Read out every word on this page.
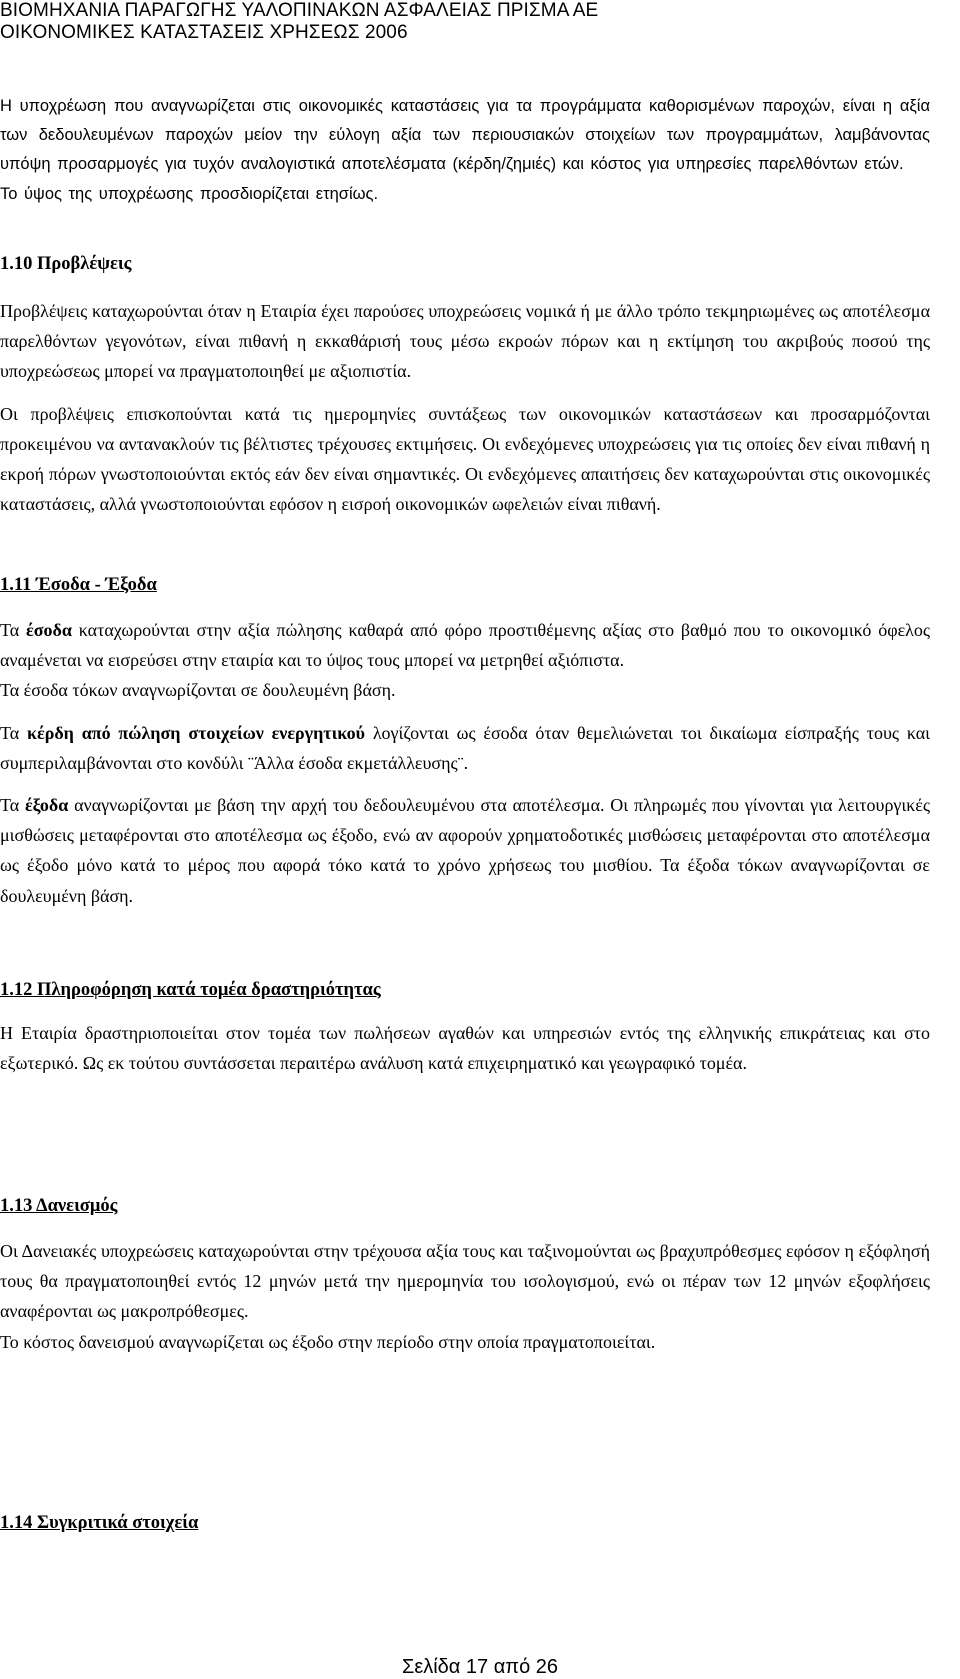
ΒΙΟΜΗΧΑΝΙΑ ΠΑΡΑΓΩΓΗΣ ΥΑΛΟΠΙΝΑΚΩΝ ΑΣΦΑΛΕΙΑΣ ΠΡΙΣΜΑ ΑΕ
ΟΙΚΟΝΟΜΙΚΕΣ ΚΑΤΑΣΤΑΣΕΙΣ ΧΡΗΣΕΩΣ 2006

Η υποχρέωση που αναγνωρίζεται στις οικονομικές καταστάσεις για τα προγράμματα καθορισμένων παροχών, είναι η αξία των δεδουλευμένων παροχών μείον την εύλογη αξία των περιουσιακών στοιχείων των προγραμμάτων, λαμβάνοντας υπόψη προσαρμογές για τυχόν αναλογιστικά αποτελέσματα (κέρδη/ζημιές) και κόστος για υπηρεσίες παρελθόντων ετών.

Το ύψος της υποχρέωσης προσδιορίζεται ετησίως.

1.10 Προβλέψεις

Προβλέψεις καταχωρούνται όταν η Εταιρία έχει παρούσες υποχρεώσεις νομικά ή με άλλο τρόπο τεκμηριωμένες ως αποτέλεσμα παρελθόντων γεγονότων, είναι πιθανή η εκκαθάρισή τους μέσω εκροών πόρων και η εκτίμηση του ακριβούς ποσού της υποχρεώσεως μπορεί να πραγματοποιηθεί με αξιοπιστία.

Οι προβλέψεις επισκοπούνται κατά τις ημερομηνίες συντάξεως των οικονομικών καταστάσεων και προσαρμόζονται προκειμένου να αντανακλούν τις βέλτιστες τρέχουσες εκτιμήσεις. Οι ενδεχόμενες υποχρεώσεις για τις οποίες δεν είναι πιθανή η εκροή πόρων γνωστοποιούνται εκτός εάν δεν είναι σημαντικές. Οι ενδεχόμενες απαιτήσεις δεν καταχωρούνται στις οικονομικές καταστάσεις, αλλά γνωστοποιούνται εφόσον η εισροή οικονομικών ωφελειών είναι πιθανή.

1.11 Έσοδα - Έξοδα

Τα έσοδα καταχωρούνται στην αξία πώλησης καθαρά από φόρο προστιθέμενης αξίας στο βαθμό που το οικονομικό όφελος αναμένεται να εισρεύσει στην εταιρία και το ύψος τους μπορεί να μετρηθεί αξιόπιστα.

Τα έσοδα τόκων αναγνωρίζονται σε δουλευμένη βάση.

Τα κέρδη από πώληση στοιχείων ενεργητικού λογίζονται ως έσοδα όταν θεμελιώνεται τοι δικαίωμα είσπραξής τους και συμπεριλαμβάνονται στο κονδύλι ¨Άλλα έσοδα εκμετάλλευσης¨.

Τα έξοδα αναγνωρίζονται με βάση την αρχή του δεδουλευμένου στα αποτέλεσμα. Οι πληρωμές που γίνονται για λειτουργικές μισθώσεις μεταφέρονται στο αποτέλεσμα ως έξοδο, ενώ αν αφορούν χρηματοδοτικές μισθώσεις μεταφέρονται στο αποτέλεσμα ως έξοδο μόνο κατά το μέρος που αφορά τόκο κατά το χρόνο χρήσεως του μισθίου. Τα έξοδα τόκων αναγνωρίζονται σε δουλευμένη βάση.

1.12 Πληροφόρηση κατά τομέα δραστηριότητας

Η Εταιρία δραστηριοποιείται στον τομέα των πωλήσεων αγαθών και υπηρεσιών εντός της ελληνικής επικράτειας και στο εξωτερικό. Ως εκ τούτου συντάσσεται περαιτέρω ανάλυση κατά επιχειρηματικό και γεωγραφικό τομέα.

1.13 Δανεισμός

Οι Δανειακές υποχρεώσεις καταχωρούνται στην τρέχουσα αξία τους και ταξινομούνται ως βραχυπρόθεσμες εφόσον η εξόφλησή τους θα πραγματοποιηθεί εντός 12 μηνών μετά την ημερομηνία του ισολογισμού, ενώ οι πέραν των 12 μηνών εξοφλήσεις αναφέρονται ως μακροπρόθεσμες.

Το κόστος δανεισμού αναγνωρίζεται ως έξοδο στην περίοδο στην οποία πραγματοποιείται.

1.14 Συγκριτικά στοιχεία

Σελίδα 17 από 26
